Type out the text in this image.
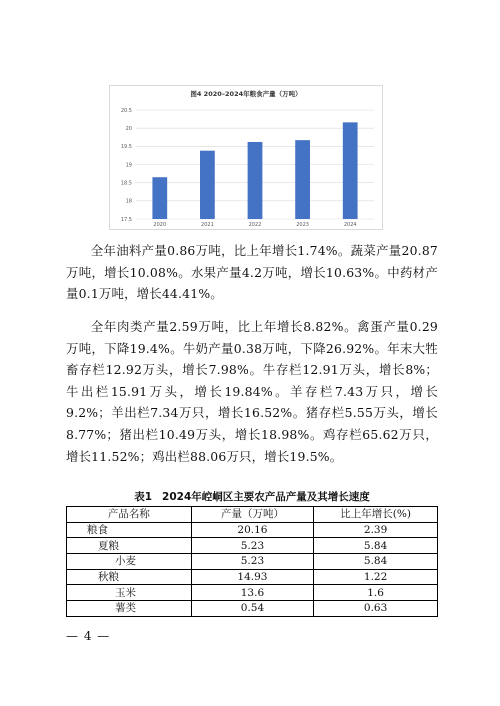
17.5
18
18.5
19
19.5
20
20.5
2020	2021	2022	2023	2024
图4 2020–2024年粮食产量（万吨）

全年油料产量0.86万吨，比上年增长1.74%。蔬菜产量20.87万吨，增长10.08%。水果产量4.2万吨，增长10.63%。中药材产量0.1万吨，增长44.41%。

全年肉类产量2.59万吨，比上年增长8.82%。禽蛋产量0.29万吨，下降19.4%。牛奶产量0.38万吨，下降26.92%。年末大牲畜存栏12.92万头，增长7.98%。牛存栏12.91万头，增长8%；牛出栏15.91万头，增长19.84%。羊存栏7.43万只，增长9.2%；羊出栏7.34万只，增长16.52%。猪存栏5.55万头，增长8.77%；猪出栏10.49万头，增长18.98%。鸡存栏65.62万只，增长11.52%；鸡出栏88.06万只，增长19.5%。

表1 2024年崆峒区主要农产品产量及其增长速度
产品名称	产量（万吨）	比上年增长(%)
粮食	20.16	2.39
夏粮	5.23	5.84
小麦	5.23	5.84
秋粮	14.93	1.22
玉米	13.6	1.6
薯类	0.54	0.63
— 4 —
